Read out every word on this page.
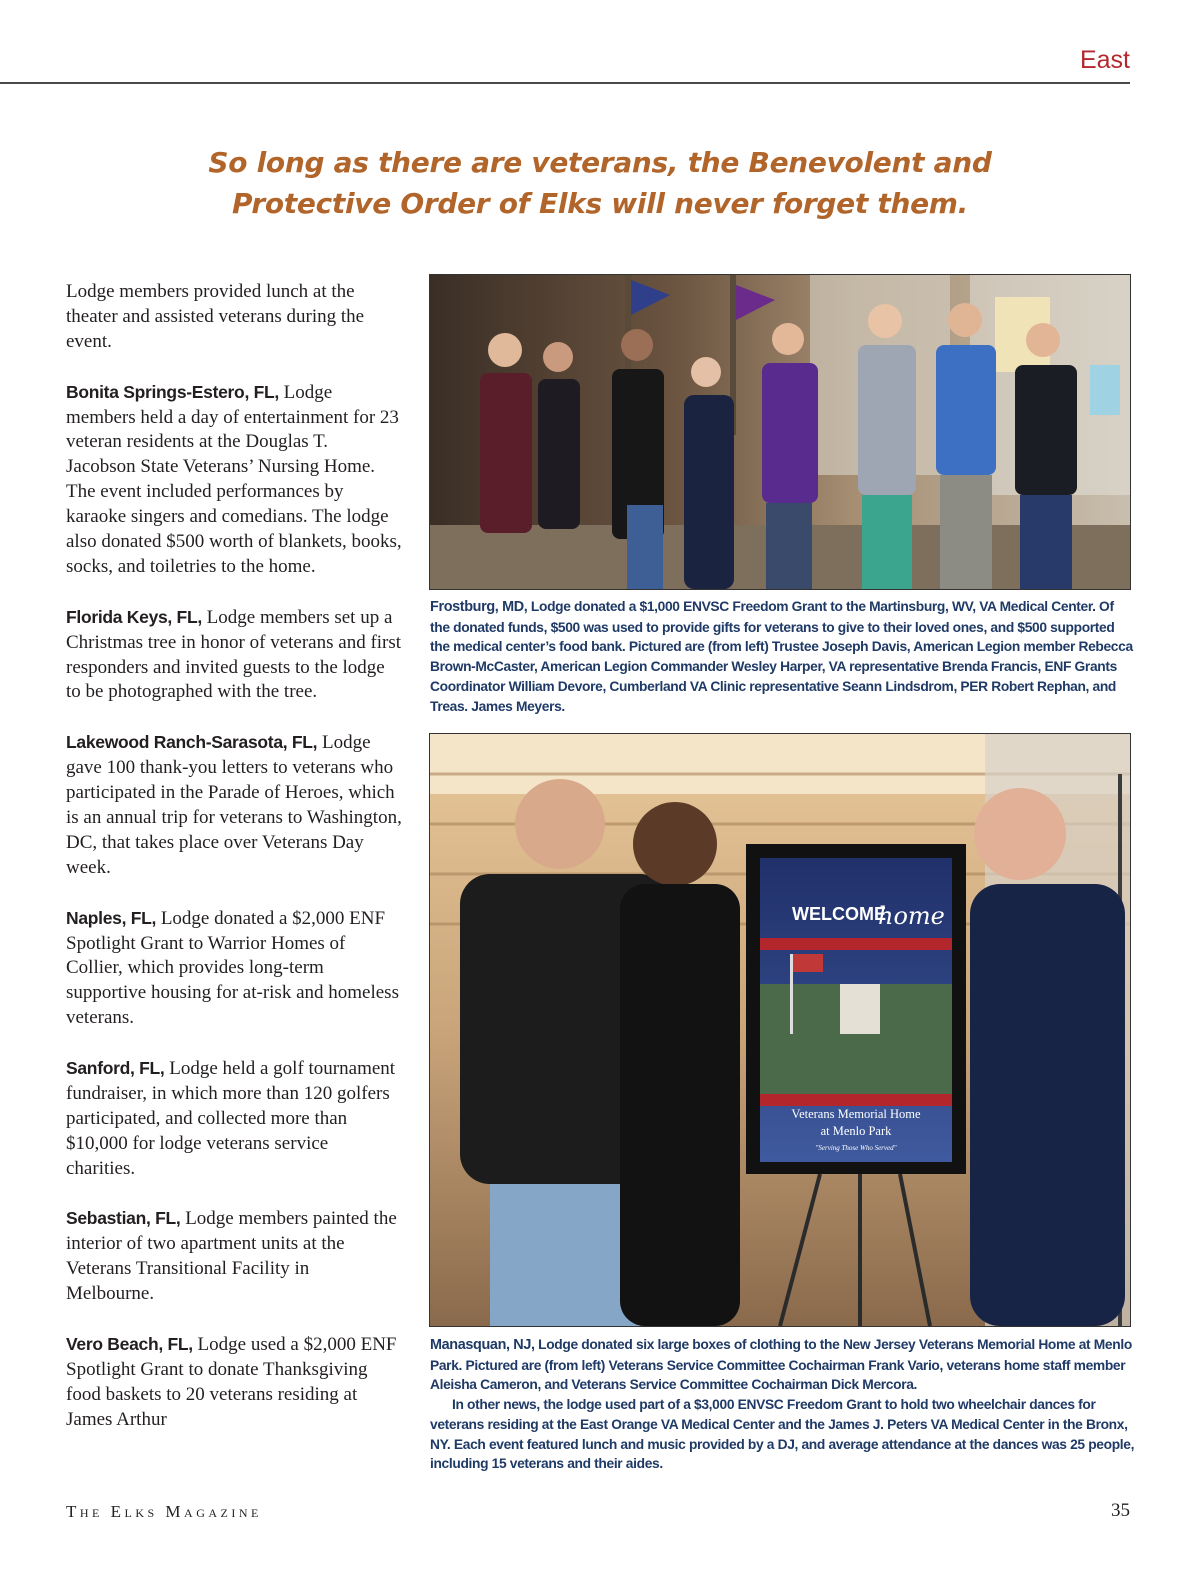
East
So long as there are veterans, the Benevolent and
Protective Order of Elks will never forget them.

Lodge members provided lunch at the theater and assisted veterans during the event.

Bonita Springs-Estero, FL, Lodge members held a day of entertainment for 23 veteran residents at the Douglas T. Jacobson State Veterans’ Nursing Home. The event included performances by karaoke singers and comedians. The lodge also donated $500 worth of blankets, books, socks, and toiletries to the home.

Florida Keys, FL, Lodge members set up a Christmas tree in honor of veterans and first responders and invited guests to the lodge to be photographed with the tree.

Lakewood Ranch-Sarasota, FL, Lodge gave 100 thank-you letters to veterans who participated in the Parade of Heroes, which is an annual trip for veterans to Washington, DC, that takes place over Veterans Day week.

Naples, FL, Lodge donated a $2,000 ENF Spotlight Grant to Warrior Homes of Collier, which provides long-term supportive housing for at-risk and homeless veterans.

Sanford, FL, Lodge held a golf tournament fundraiser, in which more than 120 golfers participated, and collected more than $10,000 for lodge veterans service charities.

Sebastian, FL, Lodge members painted the interior of two apartment units at the Veterans Transitional Facility in Melbourne.

Vero Beach, FL, Lodge used a $2,000 ENF Spotlight Grant to donate Thanksgiving food baskets to 20 veterans residing at James Arthur

Frostburg, MD, Lodge donated a $1,000 ENVSC Freedom Grant to the Martinsburg, WV, VA Medical Center. Of the donated funds, $500 was used to provide gifts for veterans to give to their loved ones, and $500 supported the medical center’s food bank. Pictured are (from left) Trustee Joseph Davis, American Legion member Rebecca Brown-McCaster, American Legion Commander Wesley Harper, VA representative Brenda Francis, ENF Grants Coordinator William Devore, Cumberland VA Clinic representative Seann Lindsdrom, PER Robert Rephan, and Treas. James Meyers.

WELCOME
home
Veterans Memorial Home
at Menlo Park
"Serving Those Who Served"

Manasquan, NJ, Lodge donated six large boxes of clothing to the New Jersey Veterans Memorial Home at Menlo Park. Pictured are (from left) Veterans Service Committee Cochairman Frank Vario, veterans home staff member Aleisha Cameron, and Veterans Service Committee Cochairman Dick Mercora.

In other news, the lodge used part of a $3,000 ENVSC Freedom Grant to hold two wheelchair dances for veterans residing at the East Orange VA Medical Center and the James J. Peters VA Medical Center in the Bronx, NY. Each event featured lunch and music provided by a DJ, and average attendance at the dances was 25 people, including 15 veterans and their aides.

The Elks Magazine	35
